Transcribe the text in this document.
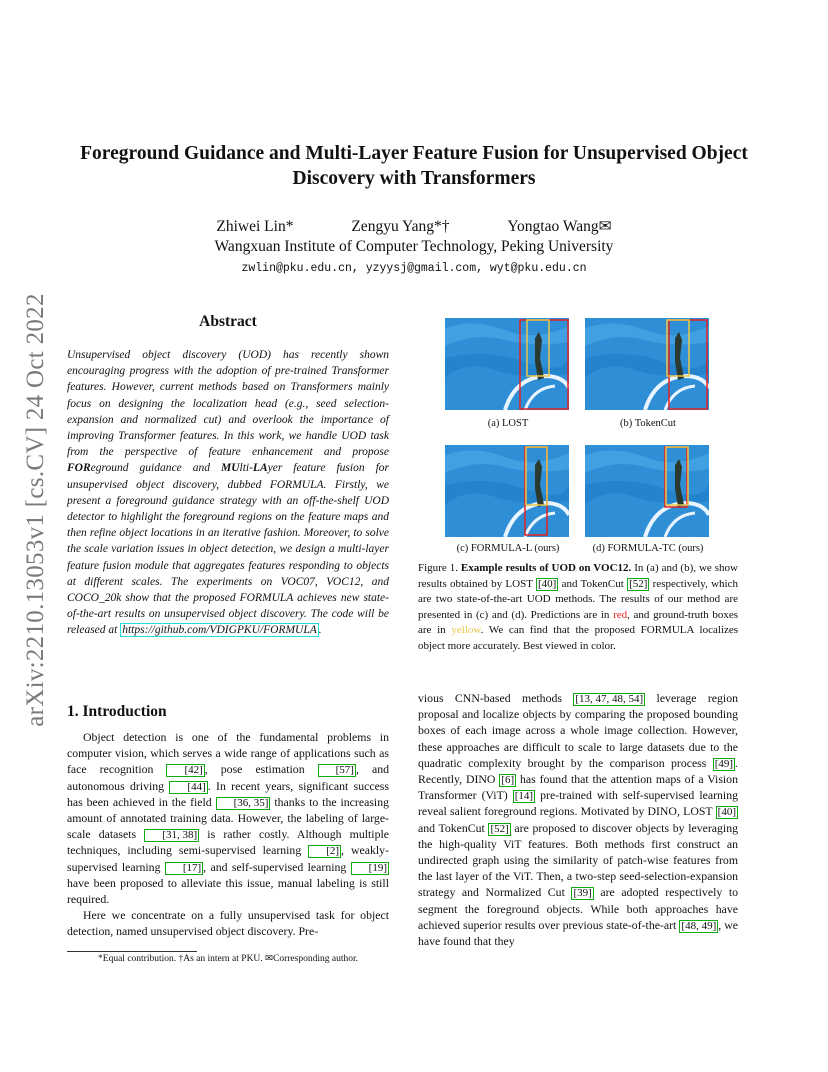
arXiv:2210.13053v1 [cs.CV] 24 Oct 2022
Foreground Guidance and Multi-Layer Feature Fusion for Unsupervised Object
Discovery with Transformers
Zhiwei Lin*	Zengyu Yang*†	Yongtao Wang✉
Wangxuan Institute of Computer Technology, Peking University
zwlin@pku.edu.cn, yzyysj@gmail.com, wyt@pku.edu.cn
Abstract
Unsupervised object discovery (UOD) has recently shown encouraging progress with the adoption of pre-trained Transformer features. However, current methods based on Transformers mainly focus on designing the localization head (e.g., seed selection-expansion and normalized cut) and overlook the importance of improving Transformer features. In this work, we handle UOD task from the perspective of feature enhancement and propose FOReground guidance and MUlti-LAyer feature fusion for unsupervised object discovery, dubbed FORMULA. Firstly, we present a foreground guidance strategy with an off-the-shelf UOD detector to highlight the foreground regions on the feature maps and then refine object locations in an iterative fashion. Moreover, to solve the scale variation issues in object detection, we design a multi-layer feature fusion module that aggregates features responding to objects at different scales. The experiments on VOC07, VOC12, and COCO_20k show that the proposed FORMULA achieves new state-of-the-art results on unsupervised object discovery. The code will be released at https://github.com/VDIGPKU/FORMULA .
1. Introduction

Object detection is one of the fundamental problems in computer vision, which serves a wide range of applications such as face recognition [42] , pose estimation [57] , and autonomous driving [44] . In recent years, significant success has been achieved in the field [36, 35] thanks to the increasing amount of annotated training data. However, the labeling of large-scale datasets [31, 38] is rather costly. Although multiple techniques, including semi-supervised learning [2] , weakly-supervised learning [17] , and self-supervised learning [19] have been proposed to alleviate this issue, manual labeling is still required.

Here we concentrate on a fully unsupervised task for object detection, named unsupervised object discovery. Pre-

*Equal contribution. †As an intern at PKU. ✉Corresponding author.
(a) LOST	(b) TokenCut
(c) FORMULA-L (ours)	(d) FORMULA-TC (ours)
Figure 1. Example results of UOD on VOC12. In (a) and (b), we show results obtained by LOST [40] and TokenCut [52] respectively, which are two state-of-the-art UOD methods. The results of our method are presented in (c) and (d). Predictions are in red, and ground-truth boxes are in yellow. We can find that the proposed FORMULA localizes object more accurately. Best viewed in color.
vious CNN-based methods [13, 47, 48, 54] leverage region proposal and localize objects by comparing the proposed bounding boxes of each image across a whole image collection. However, these approaches are difficult to scale to large datasets due to the quadratic complexity brought by the comparison process [49] . Recently, DINO [6] has found that the attention maps of a Vision Transformer (ViT) [14] pre-trained with self-supervised learning reveal salient foreground regions. Motivated by DINO, LOST [40] and TokenCut [52] are proposed to discover objects by leveraging the high-quality ViT features. Both methods first construct an undirected graph using the similarity of patch-wise features from the last layer of the ViT. Then, a two-step seed-selection-expansion strategy and Normalized Cut [39] are adopted respectively to segment the foreground objects. While both approaches have achieved superior results over previous state-of-the-art [48, 49] , we have found that they
